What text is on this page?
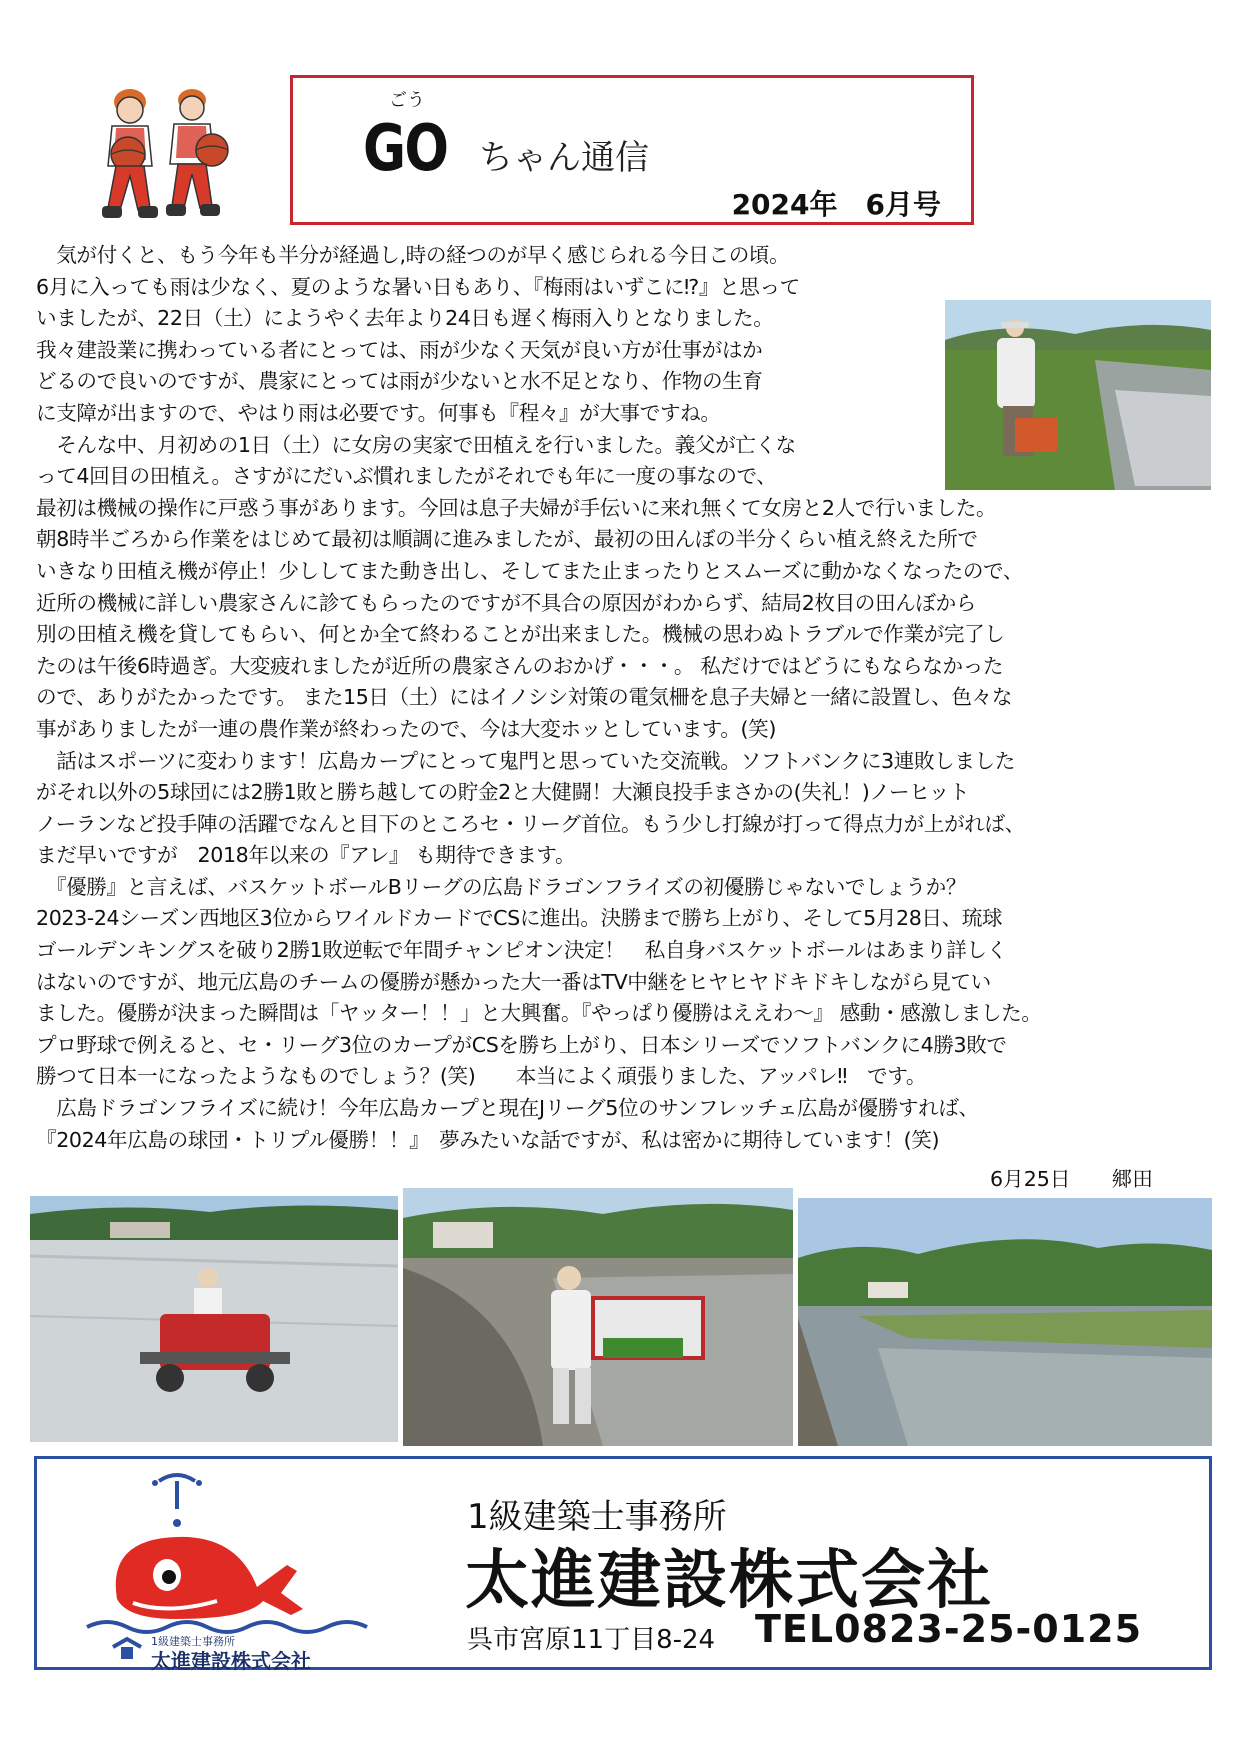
ごう
GO ちゃん通信
2024年　6月号

　気が付くと、もう今年も半分が経過し,時の経つのが早く感じられる今日この頃。

6月に入っても雨は少なく、夏のような暑い日もあり、『梅雨はいずこに⁉』と思って

いましたが、22日（土）にようやく去年より24日も遅く梅雨入りとなりました。

我々建設業に携わっている者にとっては、雨が少なく天気が良い方が仕事がはか

どるので良いのですが、農家にとっては雨が少ないと水不足となり、作物の生育

に支障が出ますので、やはり雨は必要です。何事も『程々』が大事ですね。

　そんな中、月初めの1日（土）に女房の実家で田植えを行いました。義父が亡くな

って4回目の田植え。さすがにだいぶ慣れましたがそれでも年に一度の事なので、

最初は機械の操作に戸惑う事があります。今回は息子夫婦が手伝いに来れ無くて女房と2人で行いました。

朝8時半ごろから作業をはじめて最初は順調に進みましたが、最初の田んぼの半分くらい植え終えた所で

いきなり田植え機が停止！少ししてまた動き出し、そしてまた止まったりとスムーズに動かなくなったので、

近所の機械に詳しい農家さんに診てもらったのですが不具合の原因がわからず、結局2枚目の田んぼから

別の田植え機を貸してもらい、何とか全て終わることが出来ました。機械の思わぬトラブルで作業が完了し

たのは午後6時過ぎ。大変疲れましたが近所の農家さんのおかげ・・・。 私だけではどうにもならなかった

ので、ありがたかったです。 また15日（土）にはイノシシ対策の電気柵を息子夫婦と一緒に設置し、色々な

事がありましたが一連の農作業が終わったので、今は大変ホッとしています。(笑)

　話はスポーツに変わります！広島カープにとって鬼門と思っていた交流戦。ソフトバンクに3連敗しました

がそれ以外の5球団には2勝1敗と勝ち越しての貯金2と大健闘！大瀬良投手まさかの(失礼！)ノーヒット

ノーランなど投手陣の活躍でなんと目下のところセ・リーグ首位。もう少し打線が打って得点力が上がれば、

まだ早いですが　2018年以来の『アレ』 も期待できます。

　『優勝』と言えば、バスケットボールBリーグの広島ドラゴンフライズの初優勝じゃないでしょうか？

2023-24シーズン西地区3位からワイルドカードでCSに進出。決勝まで勝ち上がり、そして5月28日、琉球

ゴールデンキングスを破り2勝1敗逆転で年間チャンピオン決定！　私自身バスケットボールはあまり詳しく

はないのですが、地元広島のチームの優勝が懸かった大一番はTV中継をヒヤヒヤドキドキしながら見てい

ました。優勝が決まった瞬間は「ヤッター！！」と大興奮。『やっぱり優勝はええわ～』 感動・感激しました。

プロ野球で例えると、セ・リーグ3位のカープがCSを勝ち上がり、日本シリーズでソフトバンクに4勝3敗で

勝つて日本一になったようなものでしょう？(笑)　　本当によく頑張りました、アッパレ‼　です。

　広島ドラゴンフライズに続け！今年広島カープと現在Jリーグ5位のサンフレッチェ広島が優勝すれば、

『2024年広島の球団・トリプル優勝！！』　夢みたいな話ですが、私は密かに期待しています！(笑)

6月25日　　郷田
1級建築士事務所
太進建設株式会社
1級建築士事務所
太進建設株式会社
呉市宮原11丁目8-24 TEL0823-25-0125
